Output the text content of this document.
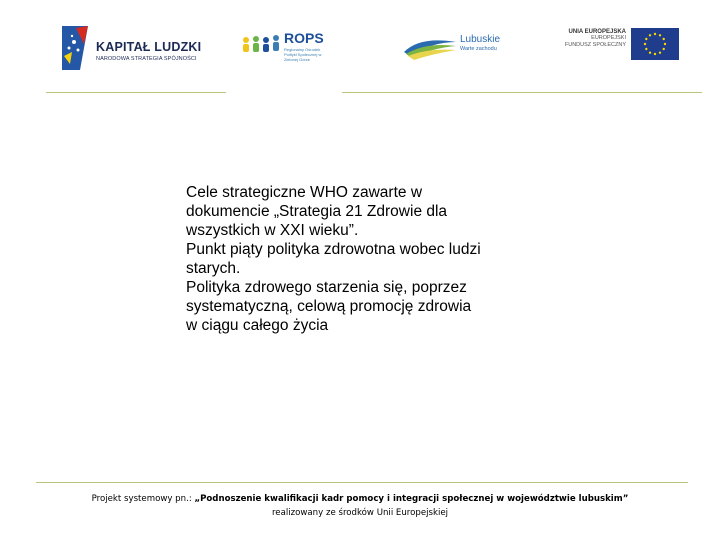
KAPITAŁ LUDZKI
NARODOWA STRATEGIA SPÓJNOŚCI
ROPS
Regionalny Ośrodek Polityki Społecznej w Zielonej Górze
Lubuskie
Warte zachodu
UNIA EUROPEJSKA
EUROPEJSKI
FUNDUSZ SPOŁECZNY

Cele strategiczne WHO zawarte w

dokumencie „Strategia 21 Zdrowie dla

wszystkich w XXI wieku”.

Punkt piąty polityka zdrowotna wobec ludzi

starych.

Polityka zdrowego starzenia się, poprzez

systematyczną, celową promocję zdrowia

w ciągu całego życia

Projekt systemowy pn.: „Podnoszenie kwalifikacji kadr pomocy i integracji społecznej w województwie lubuskim”
realizowany ze środków Unii Europejskiej
